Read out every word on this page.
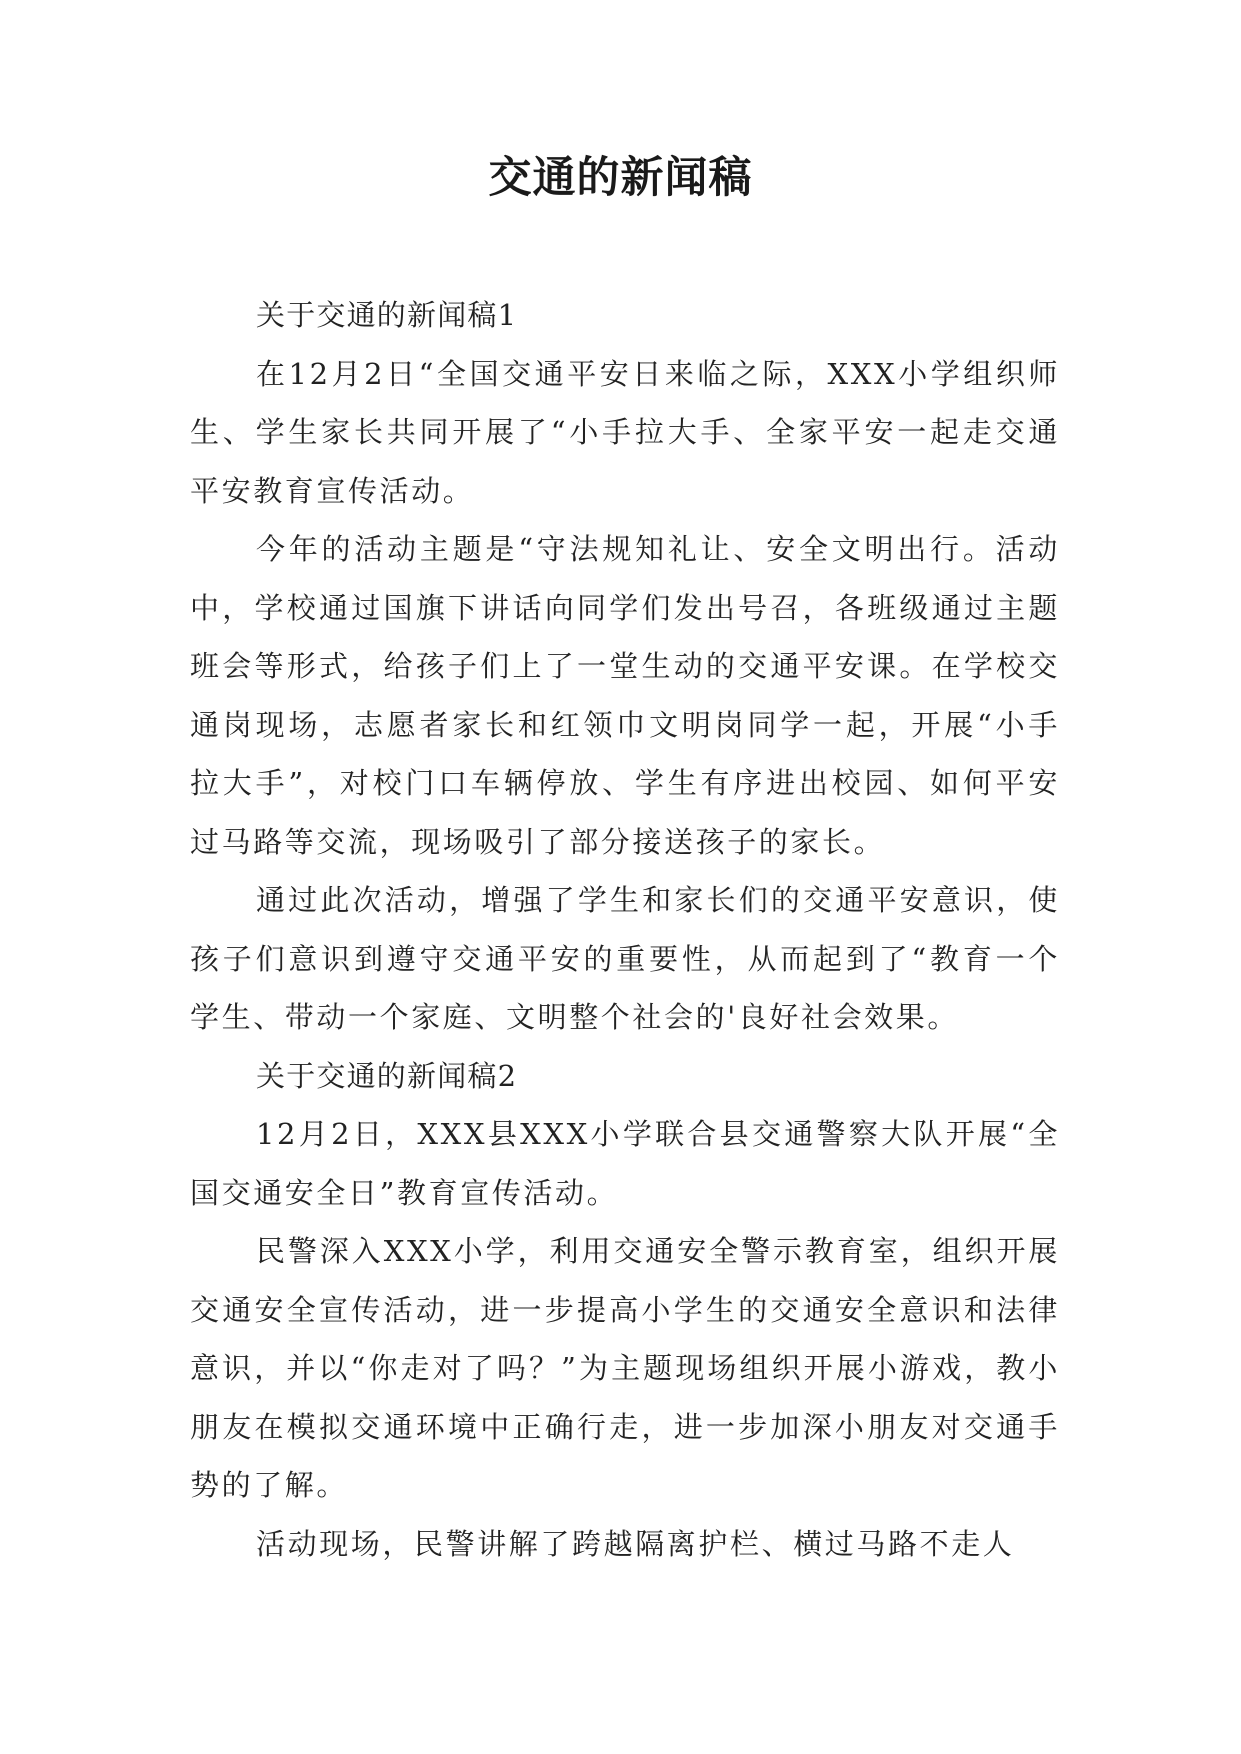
交通的新闻稿

关于交通的新闻稿1

在12月2日“全国交通平安日来临之际，XXX小学组织师生、学生家长共同开展了“小手拉大手、全家平安一起走交通平安教育宣传活动。

今年的活动主题是“守法规知礼让、安全文明出行。活动中，学校通过国旗下讲话向同学们发出号召，各班级通过主题班会等形式，给孩子们上了一堂生动的交通平安课。在学校交通岗现场，志愿者家长和红领巾文明岗同学一起，开展“小手拉大手”，对校门口车辆停放、学生有序进出校园、如何平安过马路等交流，现场吸引了部分接送孩子的家长。

通过此次活动，增强了学生和家长们的交通平安意识，使孩子们意识到遵守交通平安的重要性，从而起到了“教育一个学生、带动一个家庭、文明整个社会的'良好社会效果。

关于交通的新闻稿2

12月2日，XXX县XXX小学联合县交通警察大队开展“全国交通安全日”教育宣传活动。

民警深入XXX小学，利用交通安全警示教育室，组织开展交通安全宣传活动，进一步提高小学生的交通安全意识和法律意识，并以“你走对了吗？”为主题现场组织开展小游戏，教小朋友在模拟交通环境中正确行走，进一步加深小朋友对交通手势的了解。

活动现场，民警讲解了跨越隔离护栏、横过马路不走人
